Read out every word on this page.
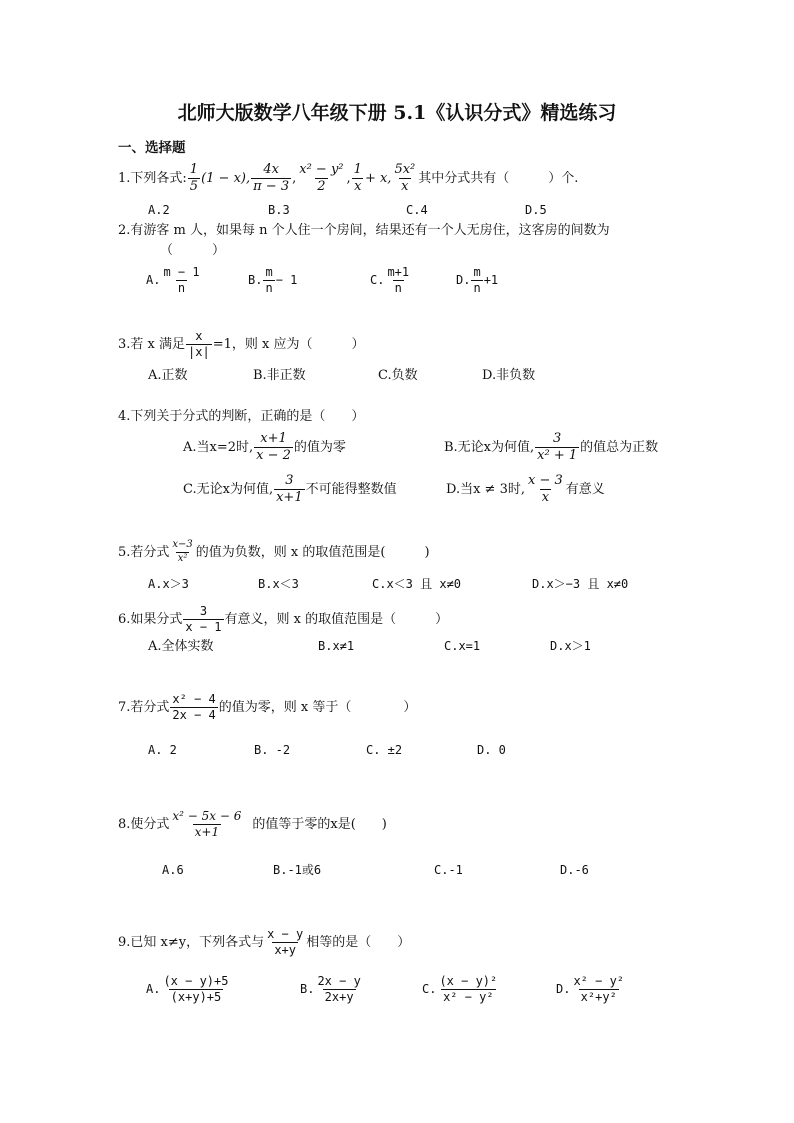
北师大版数学八年级下册 5.1《认识分式》精选练习
一、选择题
1.下列各式: $\frac{1}{5} (1 - x)$, $\frac{4x}{\pi - 3}$ , $\frac{\text{x² − y²}}{2}$ , $\frac{1}{x} + x$, $\frac{\text{5x²}}{x}$ 其中分式共有（　　　）个.
A.2	B.3	C.4	D.5
2.有游客 m 人，如果每 n 个人住一个房间，结果还有一个人无房住，这客房的间数为
（　　　）
A. $\frac{m - 1}{n}$	B. $\frac{m}{n} - 1$	C. $\frac{m+1}{n}$	D. $\frac{m}{n} +1$
3.若 x 满足 $\frac{x}{|x|} =1$，则 x 应为（　　　）
A.正数	B.非正数	C.负数	D.非负数
4.下列关于分式的判断，正确的是（　　）
A.当x=2时, $\frac{x+1}{x - 2}$ 的值为零	B.无论x为何值, $\frac{3}{\text{x² + 1}}$ 的值总为正数
C.无论x为何值, $\frac{3}{x+1}$ 不可能得整数值	D.当x ≠ 3时, $\frac{x - 3}{x}$ 有意义
5.若分式 $\frac{x-3}{\text{x²}}$ 的值为负数，则 x 的取值范围是(　　　)
A.x＞3	B.x＜3	C.x＜3 且 x≠0	D.x＞−3 且 x≠0
6.如果分式 $\frac{3}{x - 1}$ 有意义，则 x 的取值范围是（　　　）
A.全体实数	B.x≠1	C.x=1	D.x＞1
7.若分式 $\frac{\text{x² − 4}}{2x - 4}$ 的值为零，则 x 等于（　　　　）
A. 2	B. -2	C. ±2	D. 0
8.使分式 $\frac{\text{x² − 5x − 6}}{x+1}$ 的值等于零的x是(　　)
A.6	B.-1或6	C.-1	D.-6
9.已知 x≠y，下列各式与 $\frac{x - y}{x+y}$ 相等的是（　　）
A. $\frac{(x - y)+5}{(x+y)+5}$	B. $\frac{2x - y}{2x+y}$	C. $\frac{\text{(x − y)²}}{\text{x² − y²}}$	D. $\frac{\text{x² − y²}}{\text{x²+y²}}$
